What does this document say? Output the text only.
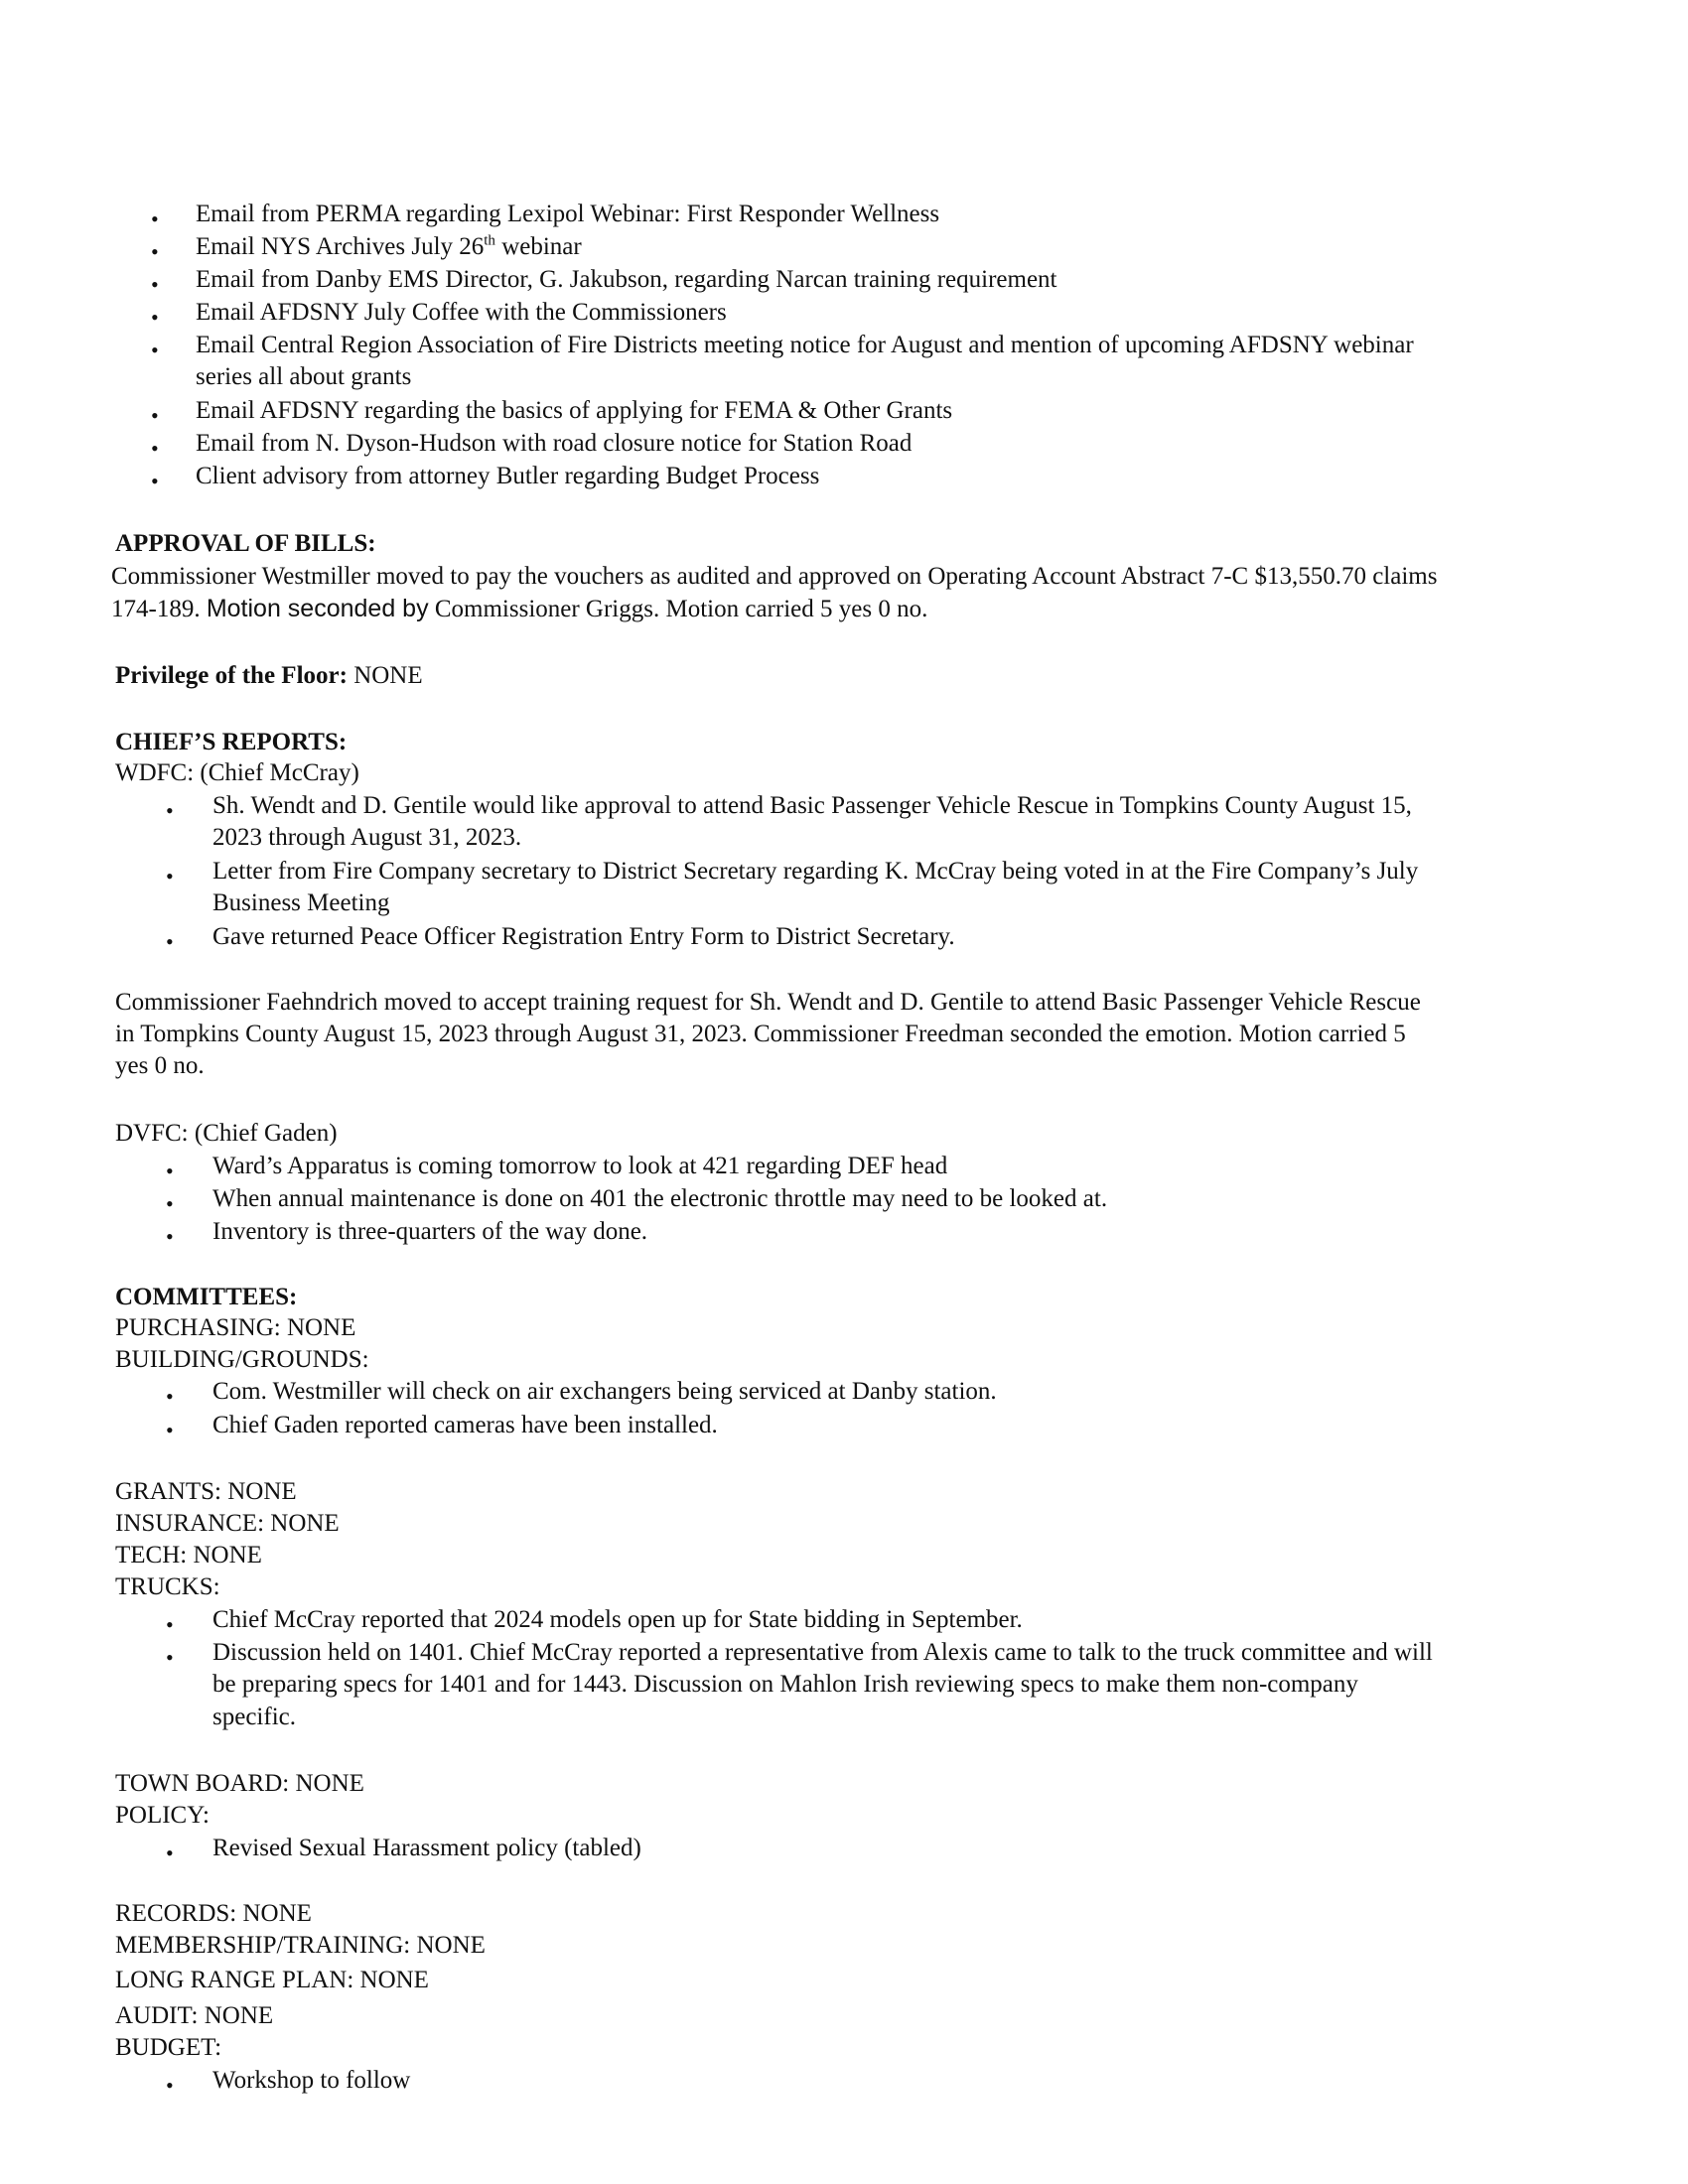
• Email from PERMA regarding Lexipol Webinar: First Responder Wellness
• Email NYS Archives July 26th webinar
• Email from Danby EMS Director, G. Jakubson, regarding Narcan training requirement
• Email AFDSNY July Coffee with the Commissioners
• Email Central Region Association of Fire Districts meeting notice for August and mention of upcoming AFDSNY webinar
series all about grants
• Email AFDSNY regarding the basics of applying for FEMA & Other Grants
• Email from N. Dyson-Hudson with road closure notice for Station Road
• Client advisory from attorney Butler regarding Budget Process
APPROVAL OF BILLS:
Commissioner Westmiller moved to pay the vouchers as audited and approved on Operating Account Abstract 7-C $13,550.70 claims
174-189. Motion seconded by Commissioner Griggs. Motion carried 5 yes 0 no.
Privilege of the Floor: NONE
CHIEF’S REPORTS:
WDFC: (Chief McCray)
• Sh. Wendt and D. Gentile would like approval to attend Basic Passenger Vehicle Rescue in Tompkins County August 15,
2023 through August 31, 2023.
• Letter from Fire Company secretary to District Secretary regarding K. McCray being voted in at the Fire Company’s July
Business Meeting
• Gave returned Peace Officer Registration Entry Form to District Secretary.
Commissioner Faehndrich moved to accept training request for Sh. Wendt and D. Gentile to attend Basic Passenger Vehicle Rescue
in Tompkins County August 15, 2023 through August 31, 2023. Commissioner Freedman seconded the emotion. Motion carried 5
yes 0 no.
DVFC: (Chief Gaden)
• Ward’s Apparatus is coming tomorrow to look at 421 regarding DEF head
• When annual maintenance is done on 401 the electronic throttle may need to be looked at.
• Inventory is three-quarters of the way done.
COMMITTEES:
PURCHASING: NONE
BUILDING/GROUNDS:
• Com. Westmiller will check on air exchangers being serviced at Danby station.
• Chief Gaden reported cameras have been installed.
GRANTS: NONE
INSURANCE: NONE
TECH: NONE
TRUCKS:
• Chief McCray reported that 2024 models open up for State bidding in September.
• Discussion held on 1401. Chief McCray reported a representative from Alexis came to talk to the truck committee and will
be preparing specs for 1401 and for 1443. Discussion on Mahlon Irish reviewing specs to make them non-company
specific.
TOWN BOARD: NONE
POLICY:
• Revised Sexual Harassment policy (tabled)
RECORDS: NONE
MEMBERSHIP/TRAINING: NONE
LONG RANGE PLAN: NONE
AUDIT: NONE
BUDGET:
• Workshop to follow
